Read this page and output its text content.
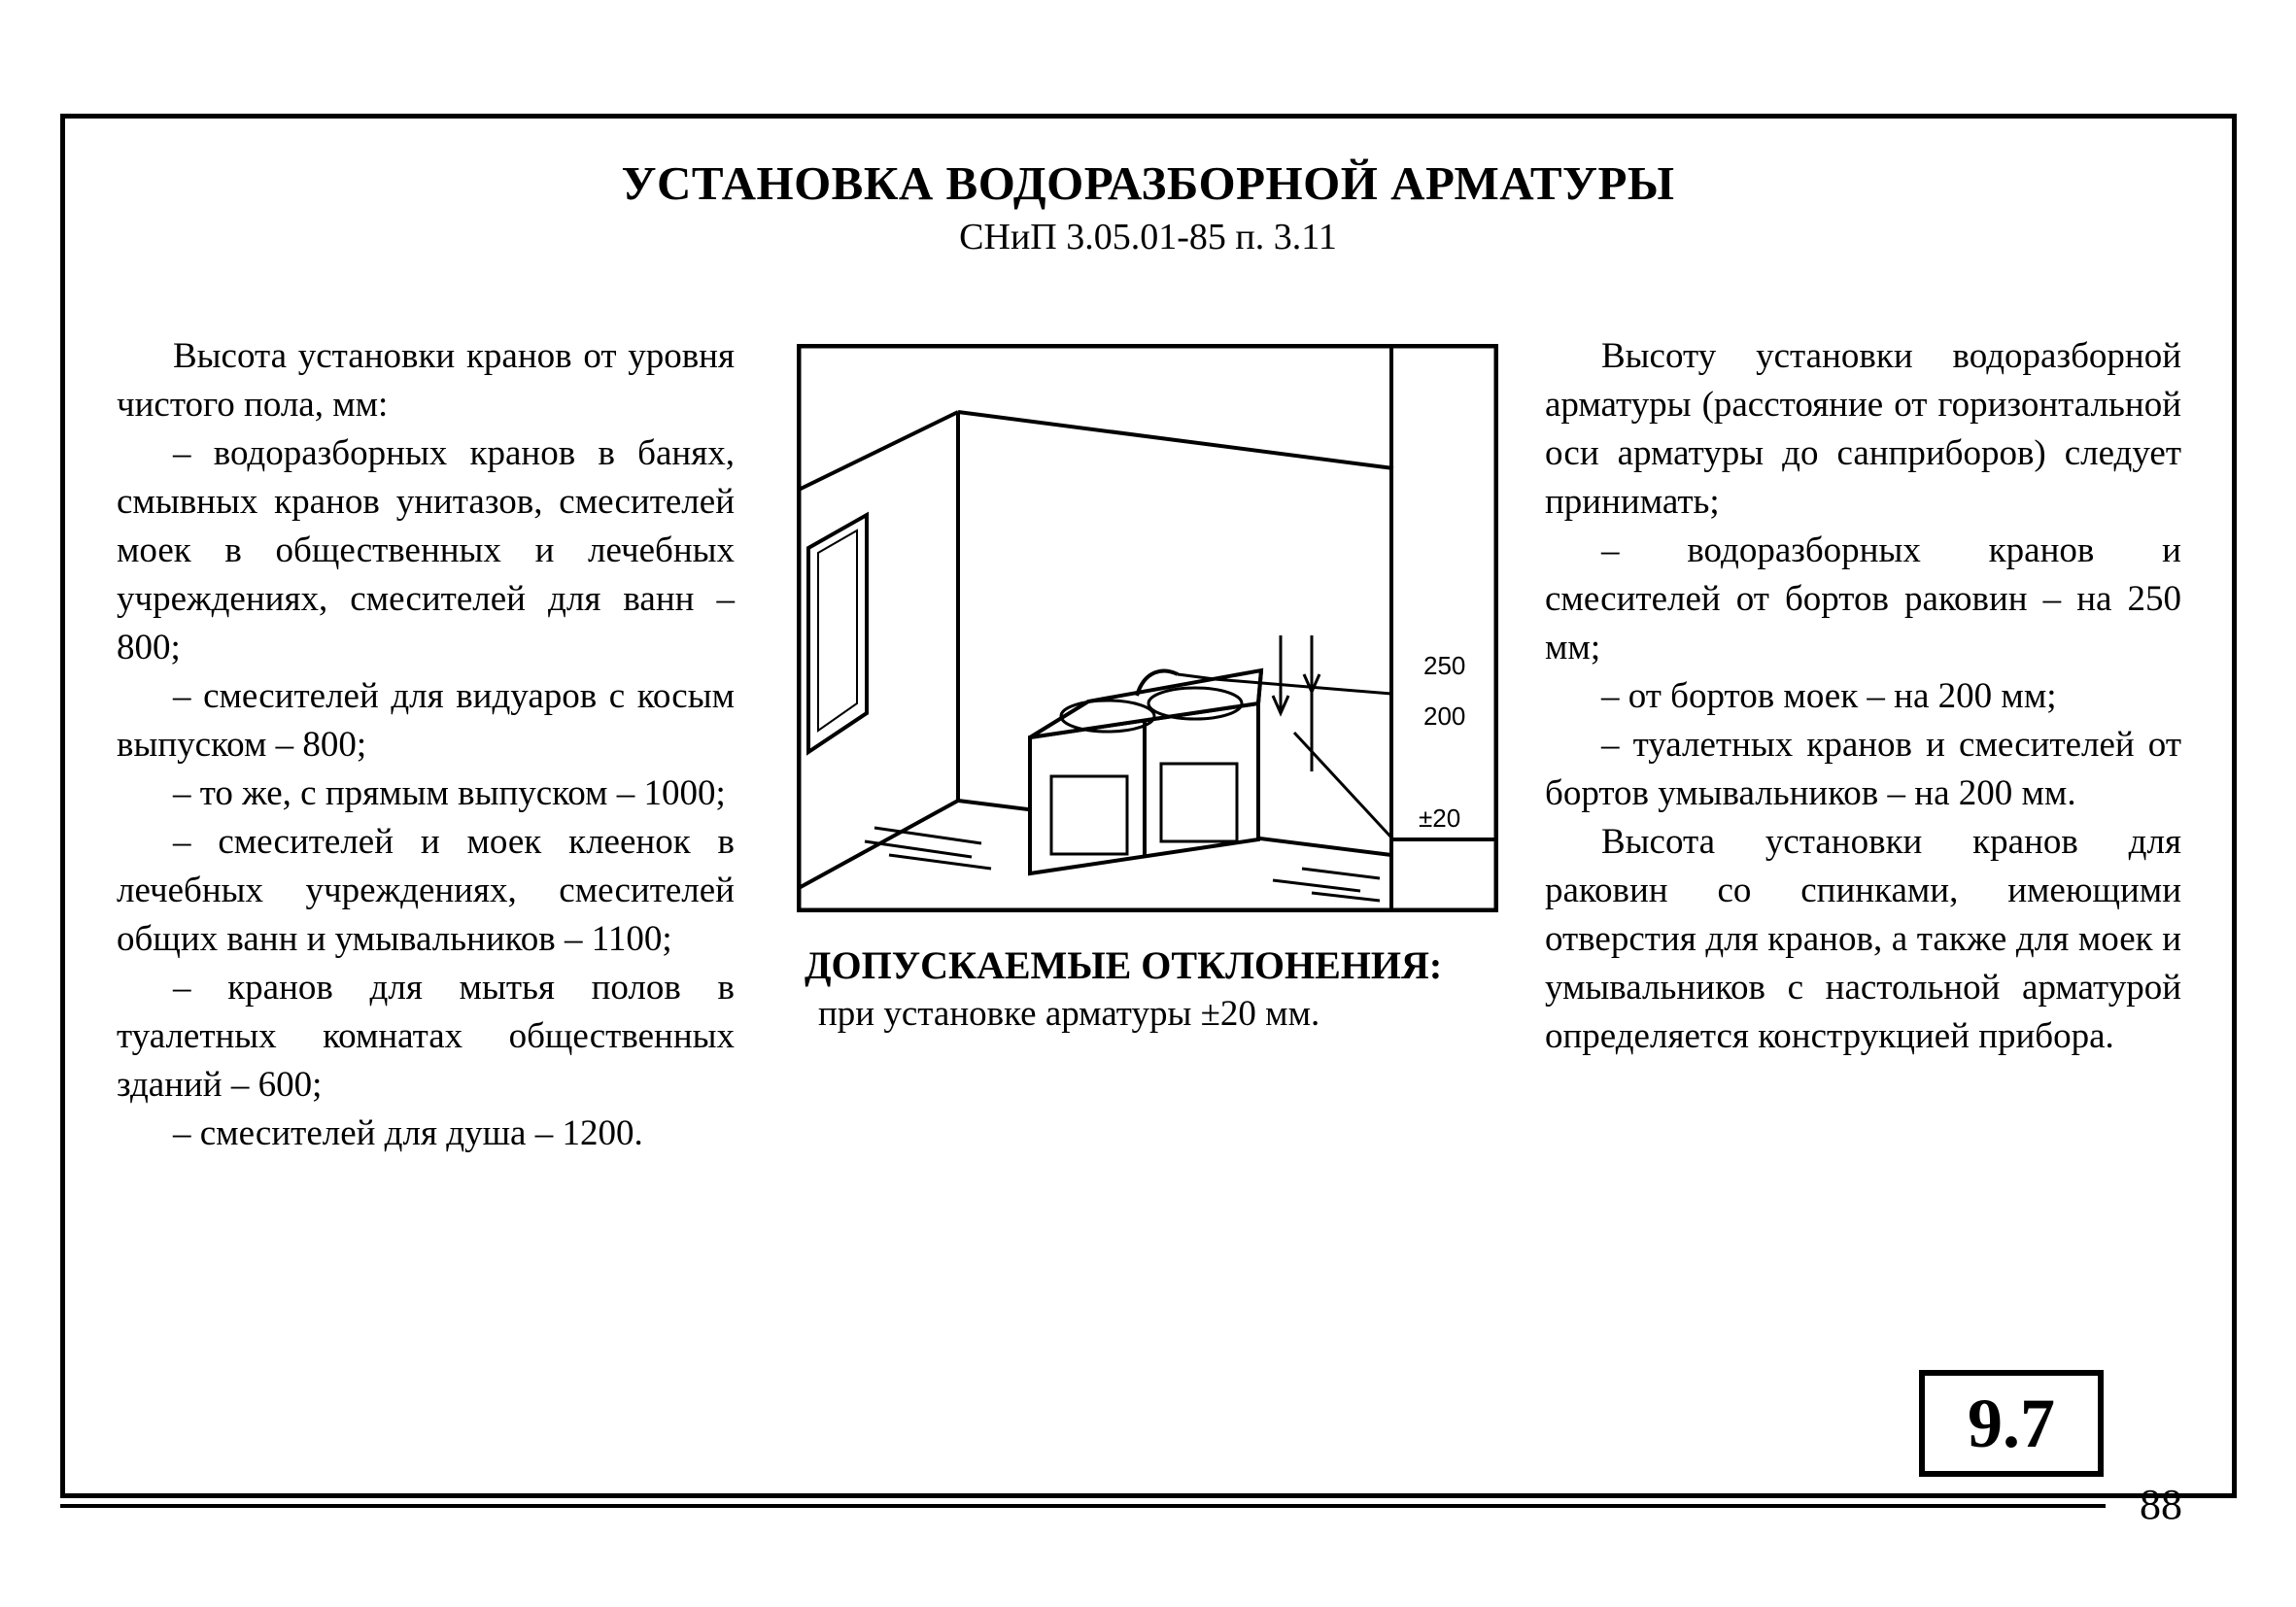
УСТАНОВКА ВОДОРАЗБОРНОЙ АРМАТУРЫ
СНиП 3.05.01-85 п. 3.11

Высота установки кранов от уровня чистого пола, мм:

– водоразборных кранов в банях, смывных кранов унитазов, смесителей моек в общественных и лечебных учреждениях, смесителей для ванн – 800;

– смесителей для видуаров с косым выпуском – 800;

– то же, с прямым выпуском – 1000;

– смесителей и моек клеенок в лечебных учреждениях, смесителей общих ванн и умывальников – 1100;

– кранов для мытья полов в туалетных комнатах общественных зданий – 600;

– смесителей для душа – 1200.

250
200
±20
ДОПУСКАЕМЫЕ ОТКЛОНЕНИЯ:
при установке арматуры ±20 мм.

Высоту установки водоразборной арматуры (расстояние от горизонтальной оси арматуры до санприборов) следует принимать;

– водоразборных кранов и смесителей от бортов раковин – на 250 мм;

– от бортов моек – на 200 мм;

– туалетных кранов и смесителей от бортов умывальников – на 200 мм.

Высота установки кранов для раковин со спинками, имеющими отверстия для кранов, а также для моек и умывальников с настольной арматурой определяется конструкцией прибора.

9.7
88
